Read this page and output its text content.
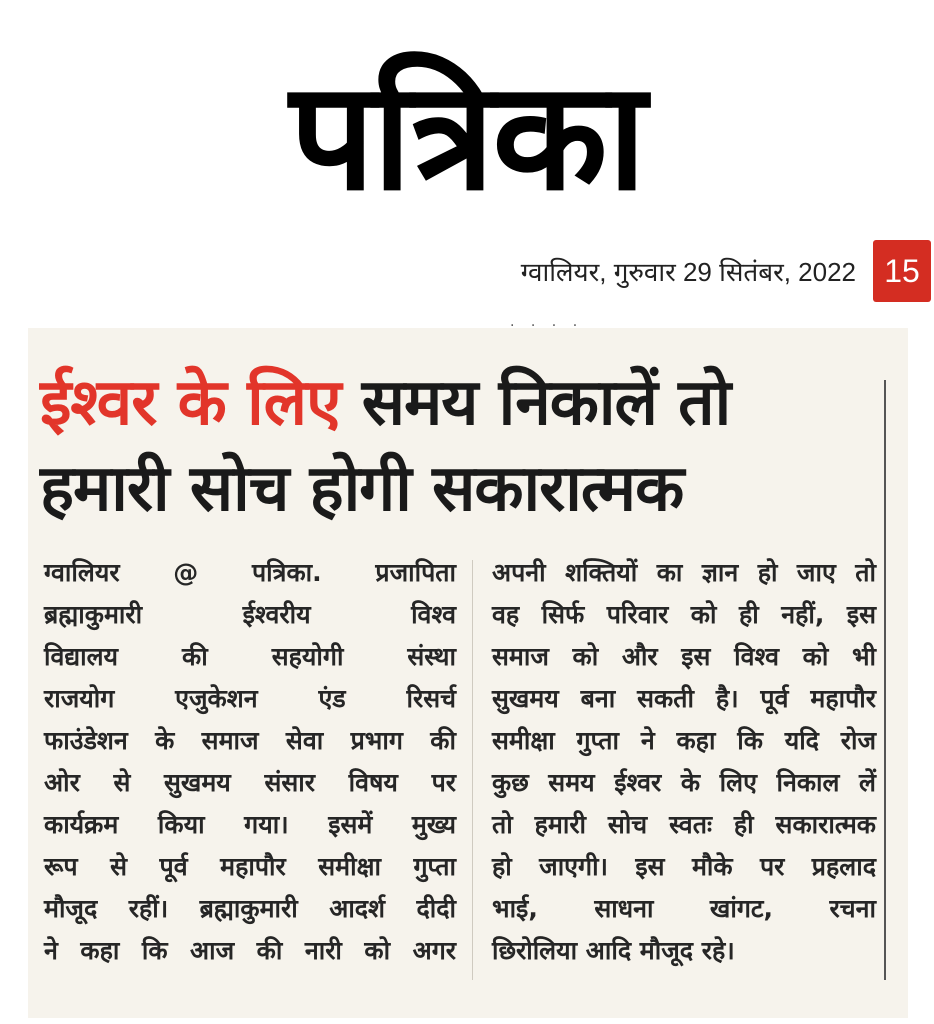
पत्रिका
ग्वालियर, गुरुवार 29 सितंबर, 2022 15
· · · ·
ईश्वर के लिए समय निकालें तो
हमारी सोच होगी सकारात्मक

ग्वालियर @ पत्रिका. प्रजापिता

ब्रह्माकुमारी ईश्वरीय विश्व

विद्यालय की सहयोगी संस्था

राजयोग एजुकेशन एंड रिसर्च

फाउंडेशन के समाज सेवा प्रभाग की

ओर से सुखमय संसार विषय पर

कार्यक्रम किया गया। इसमें मुख्य

रूप से पूर्व महापौर समीक्षा गुप्ता

मौजूद रहीं। ब्रह्माकुमारी आदर्श दीदी

ने कहा कि आज की नारी को अगर

अपनी शक्तियों का ज्ञान हो जाए तो

वह सिर्फ परिवार को ही नहीं, इस

समाज को और इस विश्व को भी

सुखमय बना सकती है। पूर्व महापौर

समीक्षा गुप्ता ने कहा कि यदि रोज

कुछ समय ईश्वर के लिए निकाल लें

तो हमारी सोच स्वतः ही सकारात्मक

हो जाएगी। इस मौके पर प्रहलाद

भाई, साधना खांगट, रचना

छिरोलिया आदि मौजूद रहे।
